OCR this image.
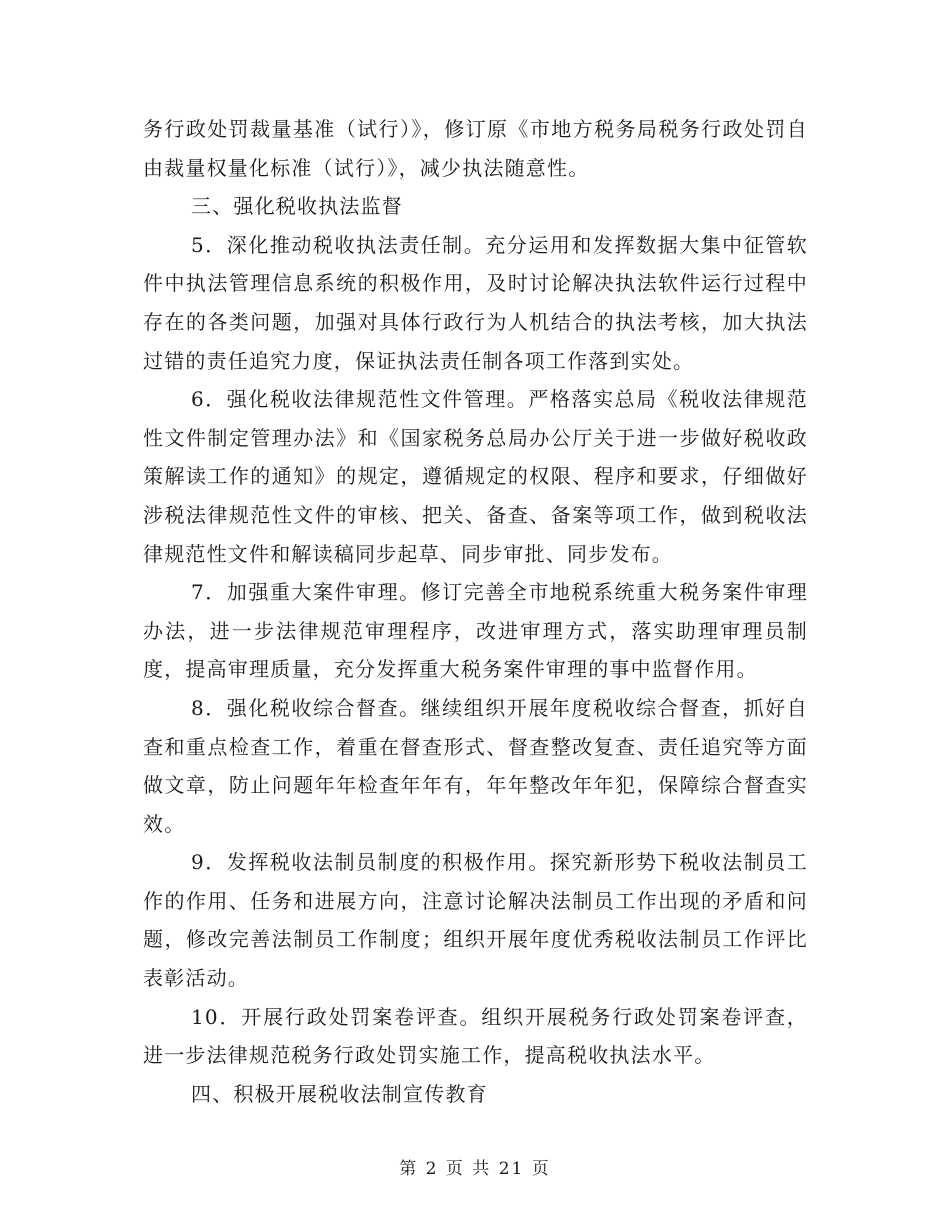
务行政处罚裁量基准（试行）》，修订原《市地方税务局税务行政处罚自由裁量权量化标准（试行）》，减少执法随意性。

三、强化税收执法监督

5．深化推动税收执法责任制。充分运用和发挥数据大集中征管软件中执法管理信息系统的积极作用，及时讨论解决执法软件运行过程中存在的各类问题，加强对具体行政行为人机结合的执法考核，加大执法过错的责任追究力度，保证执法责任制各项工作落到实处。

6．强化税收法律规范性文件管理。严格落实总局《税收法律规范性文件制定管理办法》和《国家税务总局办公厅关于进一步做好税收政策解读工作的通知》的规定，遵循规定的权限、程序和要求，仔细做好涉税法律规范性文件的审核、把关、备查、备案等项工作，做到税收法律规范性文件和解读稿同步起草、同步审批、同步发布。

7．加强重大案件审理。修订完善全市地税系统重大税务案件审理办法，进一步法律规范审理程序，改进审理方式，落实助理审理员制度，提高审理质量，充分发挥重大税务案件审理的事中监督作用。

8．强化税收综合督查。继续组织开展年度税收综合督查，抓好自查和重点检查工作，着重在督查形式、督查整改复查、责任追究等方面做文章，防止问题年年检查年年有，年年整改年年犯，保障综合督查实效。

9．发挥税收法制员制度的积极作用。探究新形势下税收法制员工作的作用、任务和进展方向，注意讨论解决法制员工作出现的矛盾和问题，修改完善法制员工作制度；组织开展年度优秀税收法制员工作评比表彰活动。

10．开展行政处罚案卷评查。组织开展税务行政处罚案卷评查，进一步法律规范税务行政处罚实施工作，提高税收执法水平。

四、积极开展税收法制宣传教育

第 2 页 共 21 页
